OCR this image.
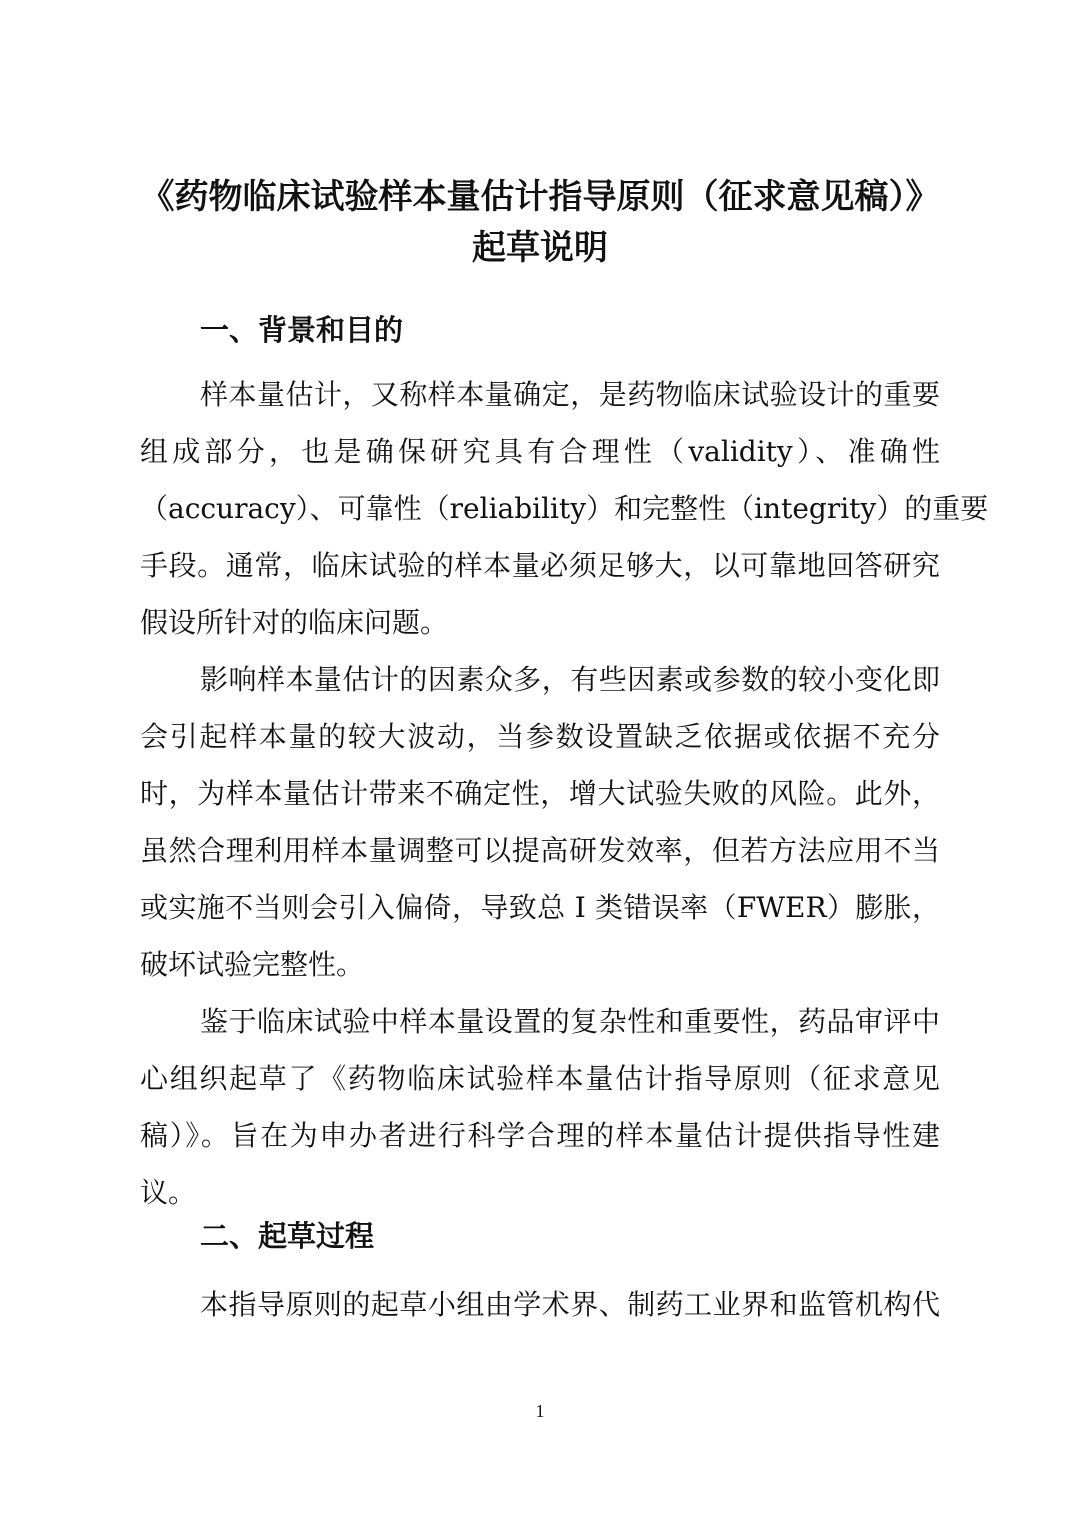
《药物临床试验样本量估计指导原则（征求意见稿）》
起草说明
一、背景和目的
样本量估计，又称样本量确定，是药物临床试验设计的重要
组成部分，也是确保研究具有合理性（validity）、准确性
（accuracy）、可靠性（reliability）和完整性（integrity）的重要
手段。通常，临床试验的样本量必须足够大，以可靠地回答研究
假设所针对的临床问题。
影响样本量估计的因素众多，有些因素或参数的较小变化即
会引起样本量的较大波动，当参数设置缺乏依据或依据不充分
时，为样本量估计带来不确定性，增大试验失败的风险。此外，
虽然合理利用样本量调整可以提高研发效率，但若方法应用不当
或实施不当则会引入偏倚，导致总 I 类错误率（FWER）膨胀，
破坏试验完整性。
鉴于临床试验中样本量设置的复杂性和重要性，药品审评中
心组织起草了《药物临床试验样本量估计指导原则（征求意见
稿）》。旨在为申办者进行科学合理的样本量估计提供指导性建
议。
二、起草过程
本指导原则的起草小组由学术界、制药工业界和监管机构代
1
